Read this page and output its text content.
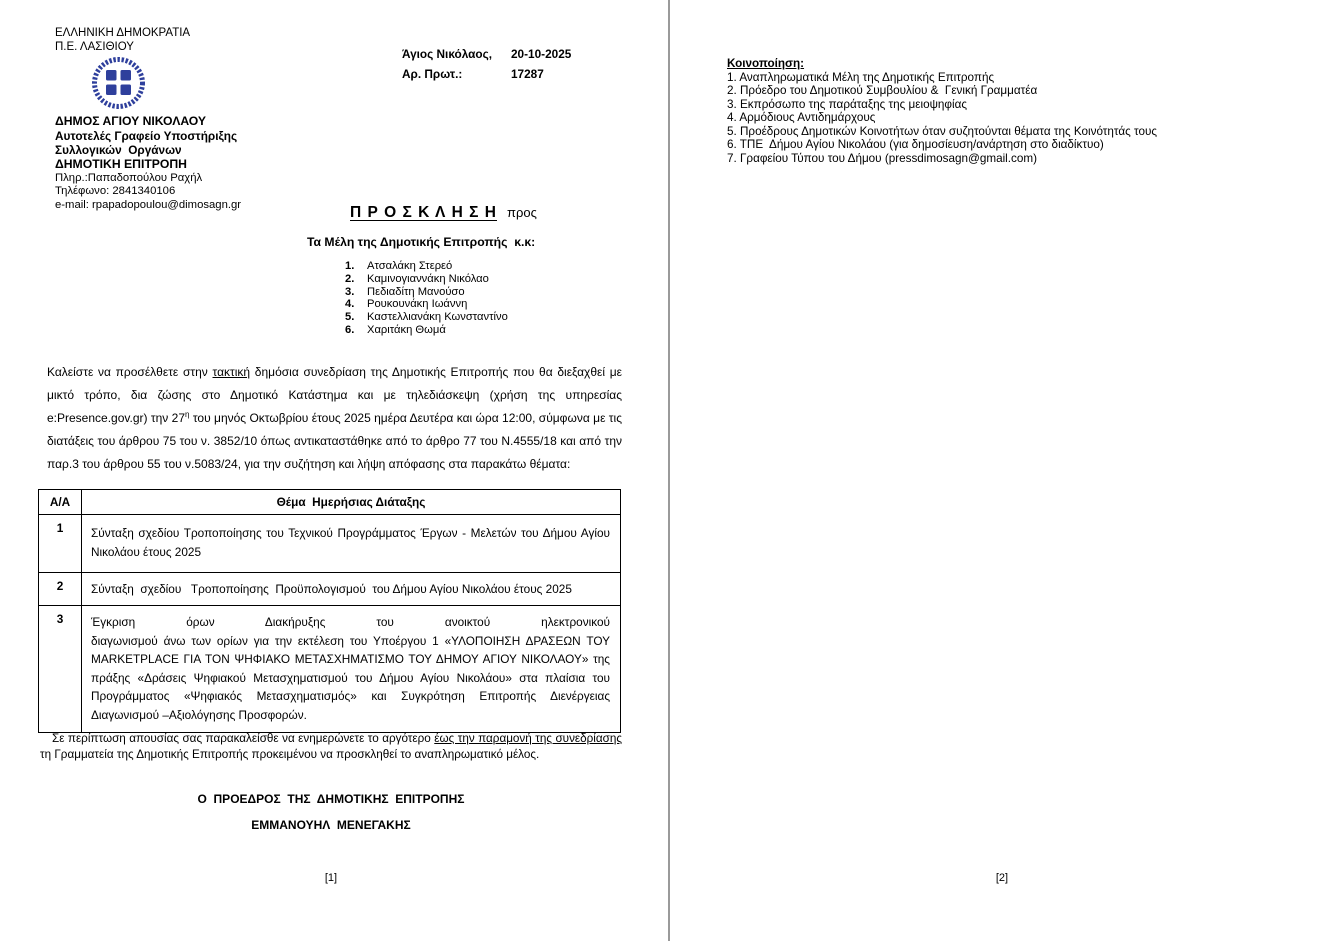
ΕΛΛΗΝΙΚΗ ΔΗΜΟΚΡΑΤΙΑ
Π.Ε. ΛΑΣΙΘΙΟΥ
ΔΗΜΟΣ ΑΓΙΟΥ ΝΙΚΟΛΑΟΥ
Αυτοτελές Γραφείο Υποστήριξης
Συλλογικών  Οργάνων
ΔΗΜΟΤΙΚΗ ΕΠΙΤΡΟΠΗ
Πληρ.:Παπαδοπούλου Ραχήλ
Τηλέφωνο: 2841340106
e-mail: rpapadopoulou@dimosagn.gr
Άγιος Νικόλαος, 20-10-2025
Αρ. Πρωτ.:	17287
Π Ρ Ο Σ Κ Λ Η Σ Η προς
Τα Μέλη της Δημοτικής Επιτροπής  κ.κ:
1. Ατσαλάκη Στερεό
2. Καμινογιαννάκη Νικόλαο
3. Πεδιαδίτη Μανούσο
4. Ρουκουνάκη Ιωάννη
5. Καστελλιανάκη Κωνσταντίνο
6. Χαριτάκη Θωμά
Καλείστε να προσέλθετε στην τακτική δημόσια συνεδρίαση της Δημοτικής Επιτροπής που θα διεξαχθεί με μικτό τρόπο, δια ζώσης στο Δημοτικό Κατάστημα και με τηλεδιάσκεψη (χρήση της υπηρεσίας e:Presence.gov.gr) την $27^\eta$ του μηνός Οκτωβρίου έτους 2025 ημέρα Δευτέρα και ώρα 12:00, σύμφωνα με τις διατάξεις του άρθρου 75 του ν. 3852/10 όπως αντικαταστάθηκε από το άρθρο 77 του Ν.4555/18 και από την παρ.3 του άρθρου 55 του ν.5083/24, για την συζήτηση και λήψη απόφασης στα παρακάτω θέματα:
Α/Α	Θέμα  Ημερήσιας Διάταξης
1	Σύνταξη σχεδίου Τροποποίησης του Τεχνικού Προγράμματος Έργων - Μελετών του Δήμου Αγίου Νικολάου έτους 2025
2	Σύνταξη  σχεδίου   Τροποποίησης  Προϋπολογισμού  του Δήμου Αγίου Νικολάου έτους 2025
3	Έγκριση όρων Διακήρυξης του ανοικτού ηλεκτρονικού
διαγωνισμού άνω των ορίων για την εκτέλεση του Υποέργου 1 «ΥΛΟΠΟΙΗΣΗ ΔΡΑΣΕΩΝ ΤΟΥ MARKETPLACE ΓΙΑ ΤΟΝ ΨΗΦΙΑΚΟ ΜΕΤΑΣΧΗΜΑΤΙΣΜΟ ΤΟΥ ΔΗΜΟΥ ΑΓΙΟΥ ΝΙΚΟΛΑΟΥ» της πράξης «Δράσεις Ψηφιακού Μετασχηματισμού του Δήμου Αγίου Νικολάου» στα πλαίσια του Προγράμματος «Ψηφιακός Μετασχηματισμός» και Συγκρότηση Επιτροπής Διενέργειας Διαγωνισμού –Αξιολόγησης Προσφορών.
Σε περίπτωση απουσίας σας παρακαλείσθε να ενημερώνετε το αργότερο έως την παραμονή της συνεδρίασης τη Γραμματεία της Δημοτικής Επιτροπής προκειμένου να προσκληθεί το αναπληρωματικό μέλος.
Ο  ΠΡΟΕΔΡΟΣ  ΤΗΣ  ΔΗΜΟΤΙΚΗΣ  ΕΠΙΤΡΟΠΗΣ
ΕΜΜΑΝΟΥΗΛ  ΜΕΝΕΓΑΚΗΣ
[1]
Κοινοποίηση:
1. Αναπληρωματικά Μέλη της Δημοτικής Επιτροπής
2. Πρόεδρο του Δημοτικού Συμβουλίου &  Γενική Γραμματέα
3. Εκπρόσωπο της παράταξης της μειοψηφίας
4. Αρμόδιους Αντιδημάρχους
5. Προέδρους Δημοτικών Κοινοτήτων όταν συζητούνται θέματα της Κοινότητάς τους
6. ΤΠΕ  Δήμου Αγίου Νικολάου (για δημοσίευση/ανάρτηση στο διαδίκτυο)
7. Γραφείου Τύπου του Δήμου (pressdimosagn@gmail.com)
[2]
